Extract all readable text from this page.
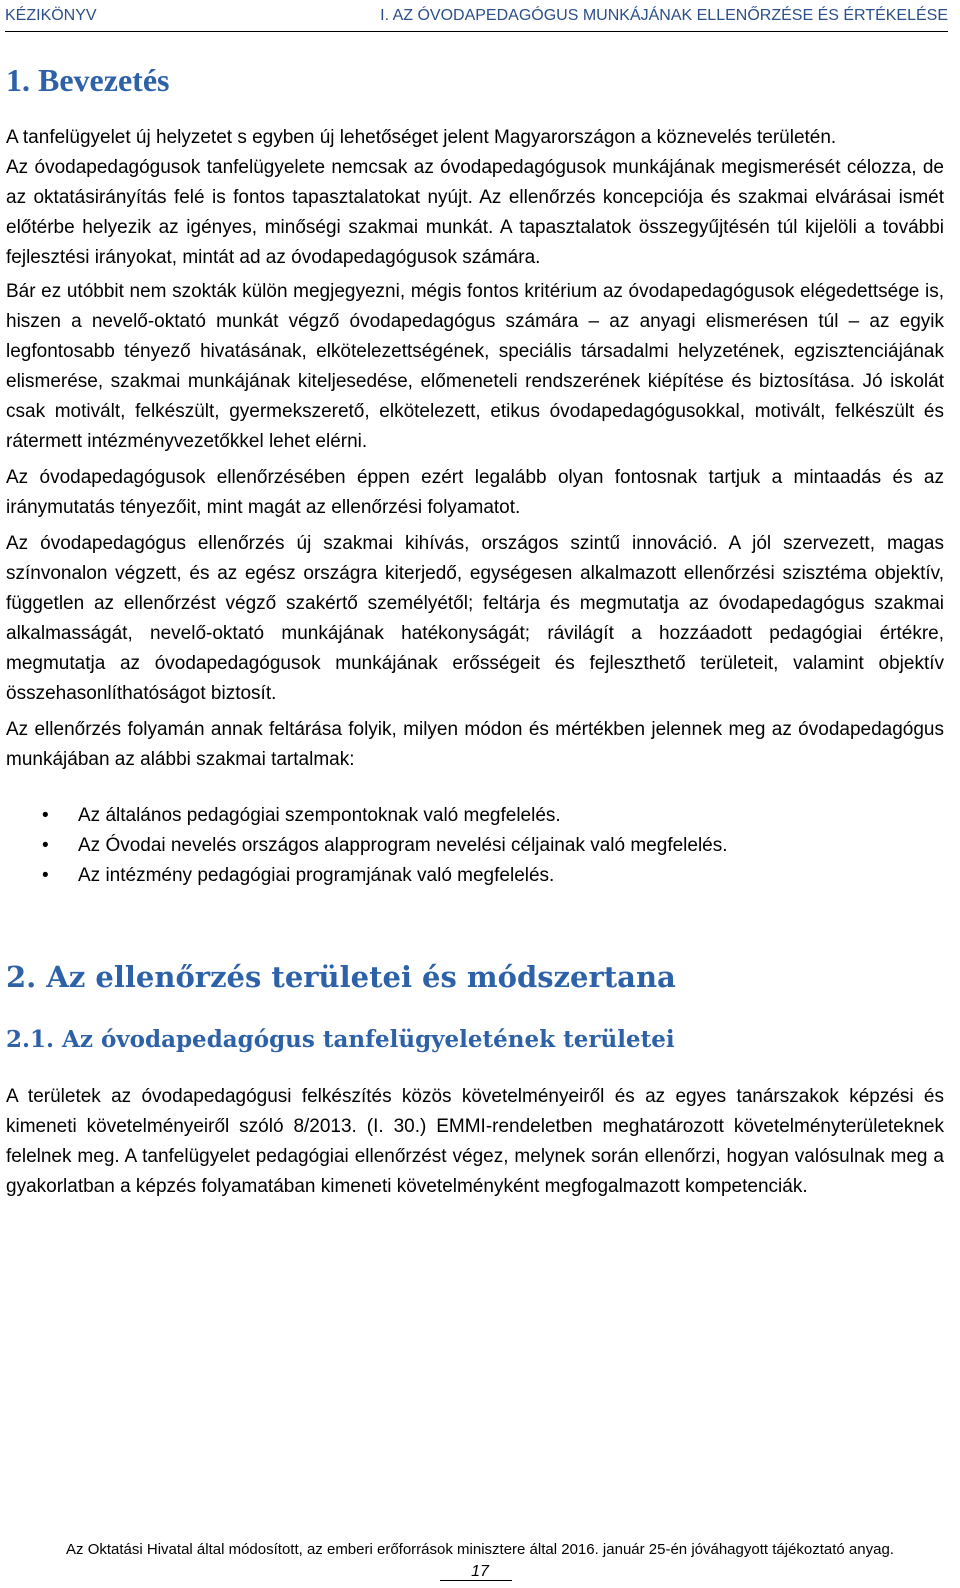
KÉZIKÖNYV	I. AZ ÓVODAPEDAGÓGUS MUNKÁJÁNAK ELLENŐRZÉSE ÉS ÉRTÉKELÉSE
1. Bevezetés

A tanfelügyelet új helyzetet s egyben új lehetőséget jelent Magyarországon a köznevelés területén.

Az óvodapedagógusok tanfelügyelete nemcsak az óvodapedagógusok munkájának megismerését célozza, de az oktatásirányítás felé is fontos tapasztalatokat nyújt. Az ellenőrzés koncepciója és szakmai elvárásai ismét előtérbe helyezik az igényes, minőségi szakmai munkát. A tapasztalatok összegyűjtésén túl kijelöli a további fejlesztési irányokat, mintát ad az óvodapedagógusok számára.

Bár ez utóbbit nem szokták külön megjegyezni, mégis fontos kritérium az óvodapedagógusok elégedettsége is, hiszen a nevelő-oktató munkát végző óvodapedagógus számára – az anyagi elismerésen túl – az egyik legfontosabb tényező hivatásának, elkötelezettségének, speciális társadalmi helyzetének, egzisztenciájának elismerése, szakmai munkájának kiteljesedése, előmeneteli rendszerének kiépítése és biztosítása. Jó iskolát csak motivált, felkészült, gyermekszerető, elkötelezett, etikus óvodapedagógusokkal, motivált, felkészült és rátermett intézményvezetőkkel lehet elérni.

Az óvodapedagógusok ellenőrzésében éppen ezért legalább olyan fontosnak tartjuk a mintaadás és az iránymutatás tényezőit, mint magát az ellenőrzési folyamatot.

Az óvodapedagógus ellenőrzés új szakmai kihívás, országos szintű innováció. A jól szervezett, magas színvonalon végzett, és az egész országra kiterjedő, egységesen alkalmazott ellenőrzési szisztéma objektív, független az ellenőrzést végző szakértő személyétől; feltárja és megmutatja az óvodapedagógus szakmai alkalmasságát, nevelő-oktató munkájának hatékonyságát; rávilágít a hozzáadott pedagógiai értékre, megmutatja az óvodapedagógusok munkájának erősségeit és fejleszthető területeit, valamint objektív összehasonlíthatóságot biztosít.

Az ellenőrzés folyamán annak feltárása folyik, milyen módon és mértékben jelennek meg az óvodapedagógus munkájában az alábbi szakmai tartalmak:

• Az általános pedagógiai szempontoknak való megfelelés.
• Az Óvodai nevelés országos alapprogram nevelési céljainak való megfelelés.
• Az intézmény pedagógiai programjának való megfelelés.
2. Az ellenőrzés területei és módszertana
2.1. Az óvodapedagógus tanfelügyeletének területei

A területek az óvodapedagógusi felkészítés közös követelményeiről és az egyes tanárszakok képzési és kimeneti követelményeiről szóló 8/2013. (I. 30.) EMMI-rendeletben meghatározott követelményterületeknek felelnek meg. A tanfelügyelet pedagógiai ellenőrzést végez, melynek során ellenőrzi, hogyan valósulnak meg a gyakorlatban a képzés folyamatában kimeneti követelményként megfogalmazott kompetenciák.

Az Oktatási Hivatal által módosított, az emberi erőforrások minisztere által 2016. január 25-én jóváhagyott tájékoztató anyag.
17
